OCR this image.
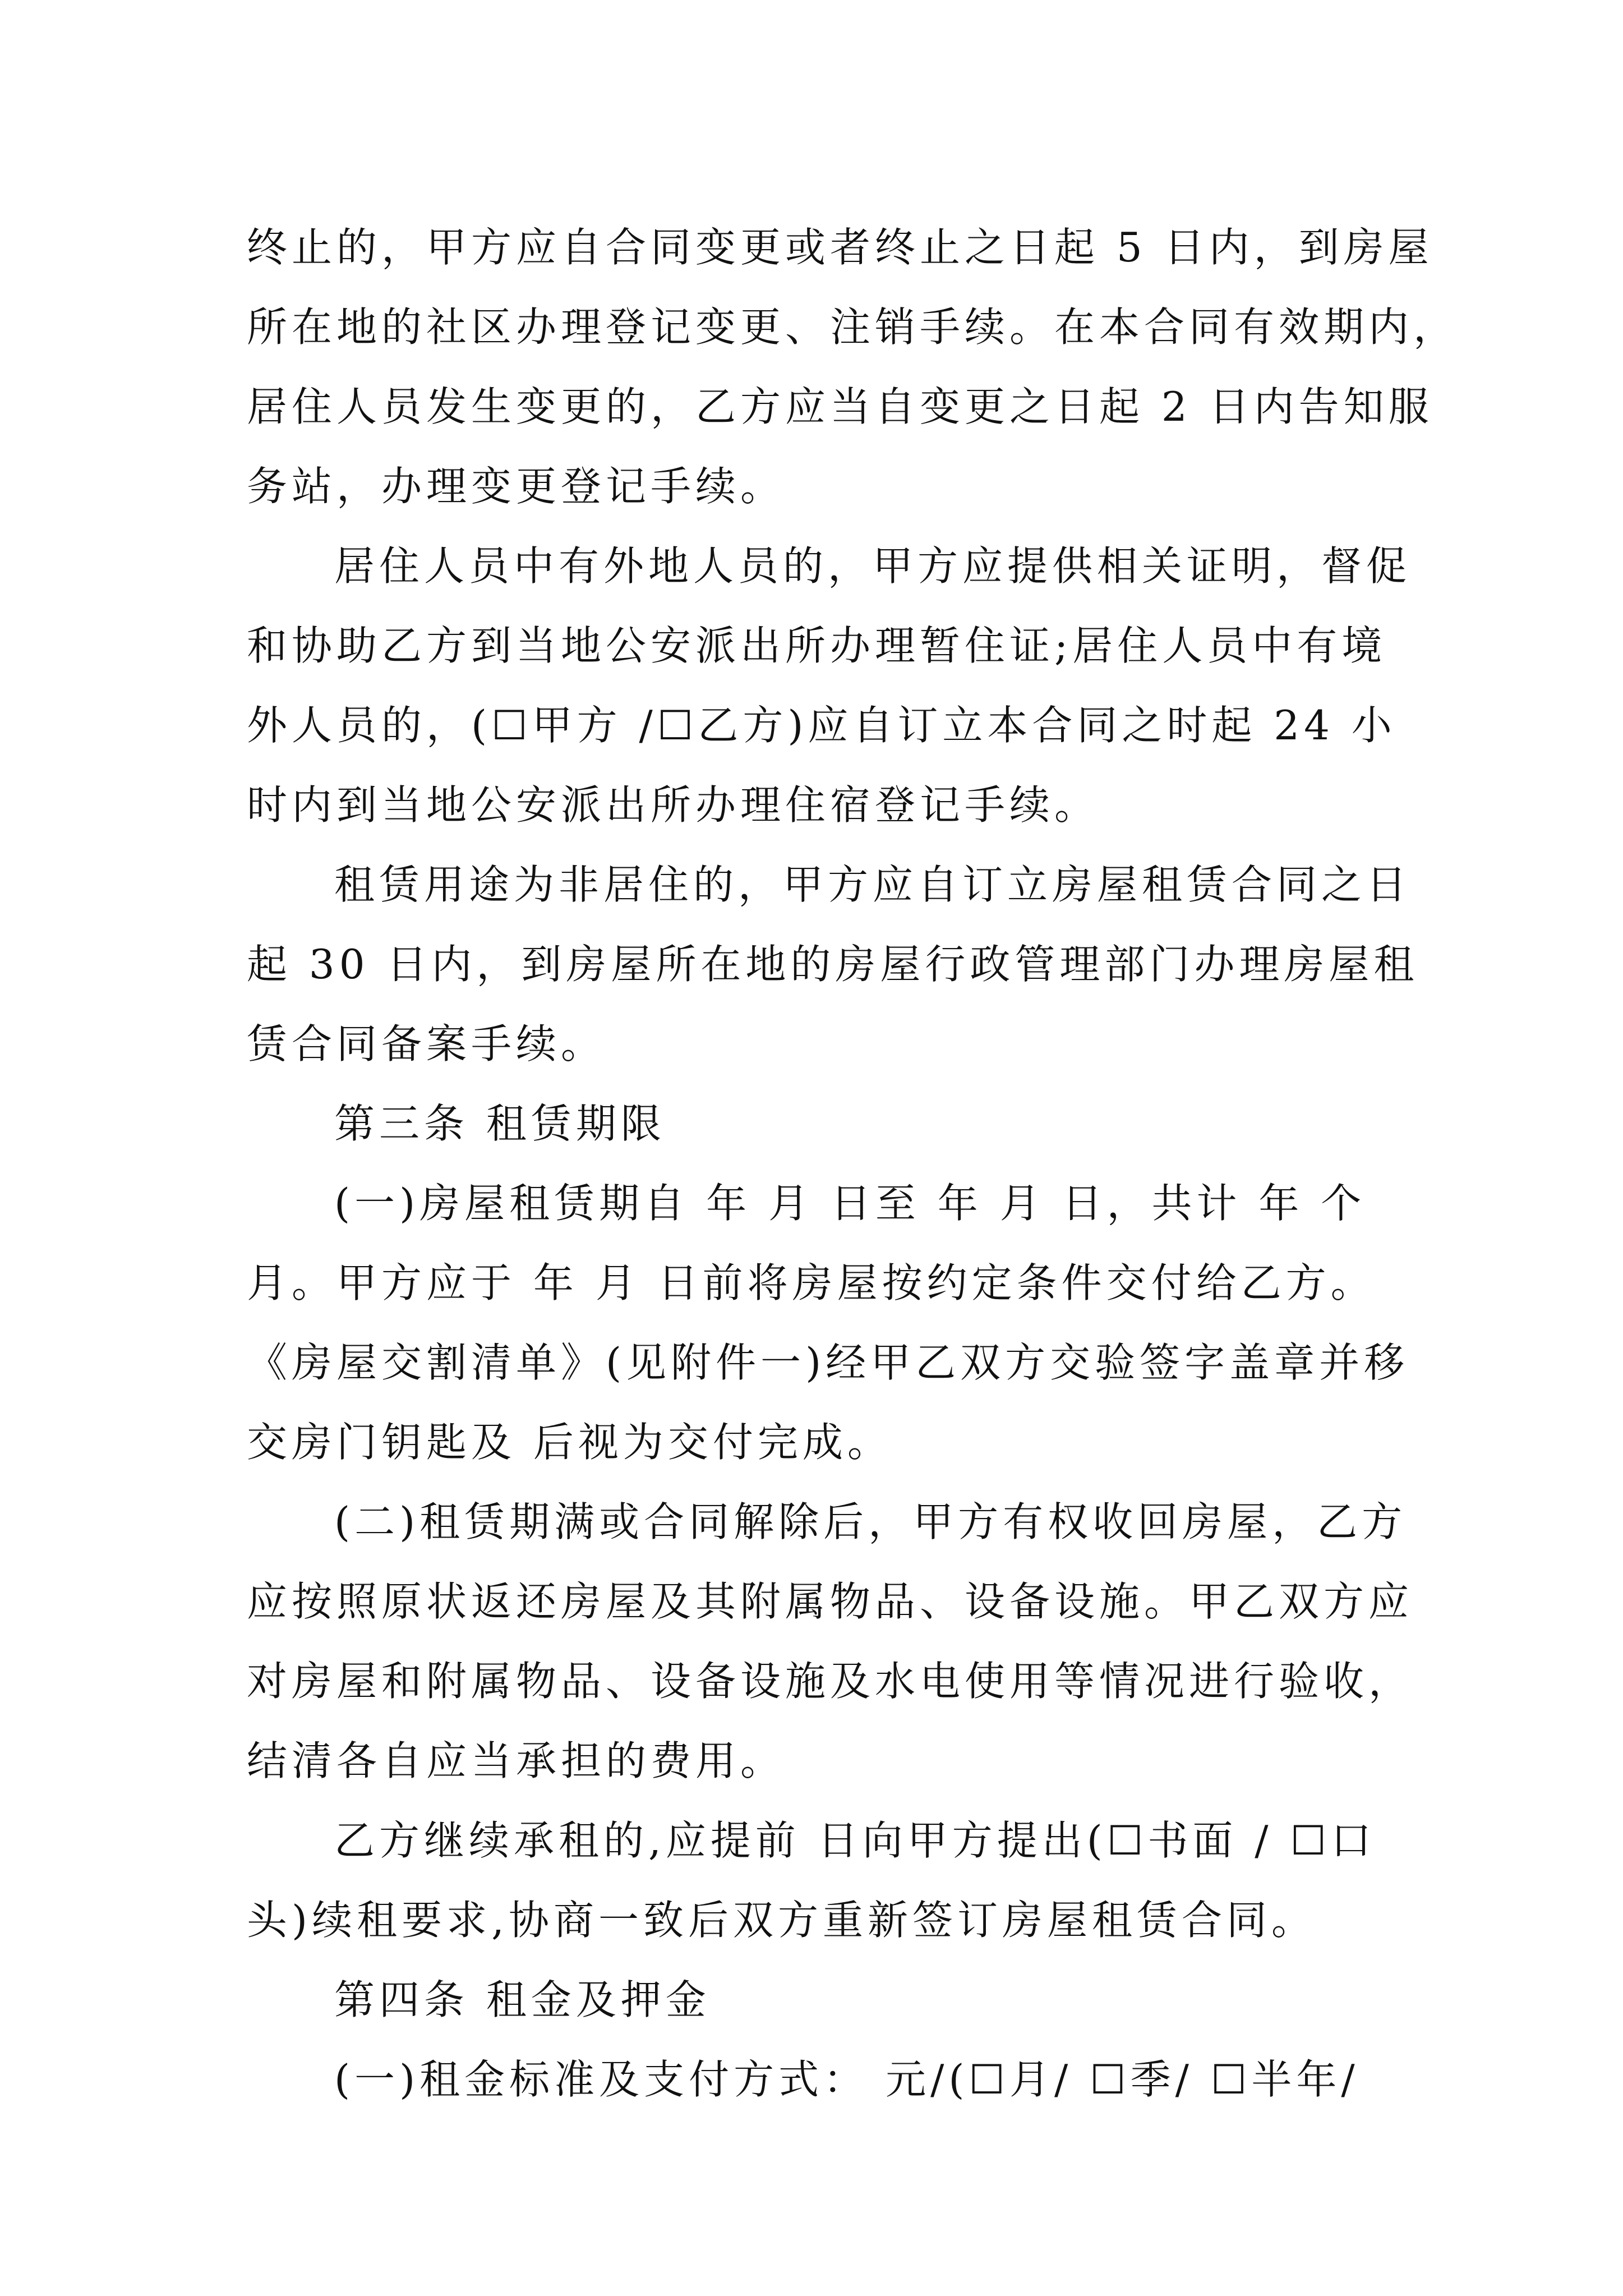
终止的，甲方应自合同变更或者终止之日起 5 日内，到房屋
所在地的社区办理登记变更、注销手续。在本合同有效期内，
居住人员发生变更的，乙方应当自变更之日起 2 日内告知服
务站，办理变更登记手续。
居住人员中有外地人员的，甲方应提供相关证明，督促
和协助乙方到当地公安派出所办理暂住证;居住人员中有境
外人员的，(☐甲方 /☐乙方)应自订立本合同之时起 24 小
时内到当地公安派出所办理住宿登记手续。
租赁用途为非居住的，甲方应自订立房屋租赁合同之日
起 30 日内，到房屋所在地的房屋行政管理部门办理房屋租
赁合同备案手续。
第三条 租赁期限
(一)房屋租赁期自 年 月 日至 年 月 日，共计 年 个
月。甲方应于 年 月 日前将房屋按约定条件交付给乙方。
《房屋交割清单》(见附件一)经甲乙双方交验签字盖章并移
交房门钥匙及 后视为交付完成。
(二)租赁期满或合同解除后，甲方有权收回房屋，乙方
应按照原状返还房屋及其附属物品、设备设施。甲乙双方应
对房屋和附属物品、设备设施及水电使用等情况进行验收，
结清各自应当承担的费用。
乙方继续承租的,应提前 日向甲方提出(☐书面 / ☐口
头)续租要求,协商一致后双方重新签订房屋租赁合同。
第四条 租金及押金
(一)租金标准及支付方式： 元/(☐月/ ☐季/ ☐半年/
